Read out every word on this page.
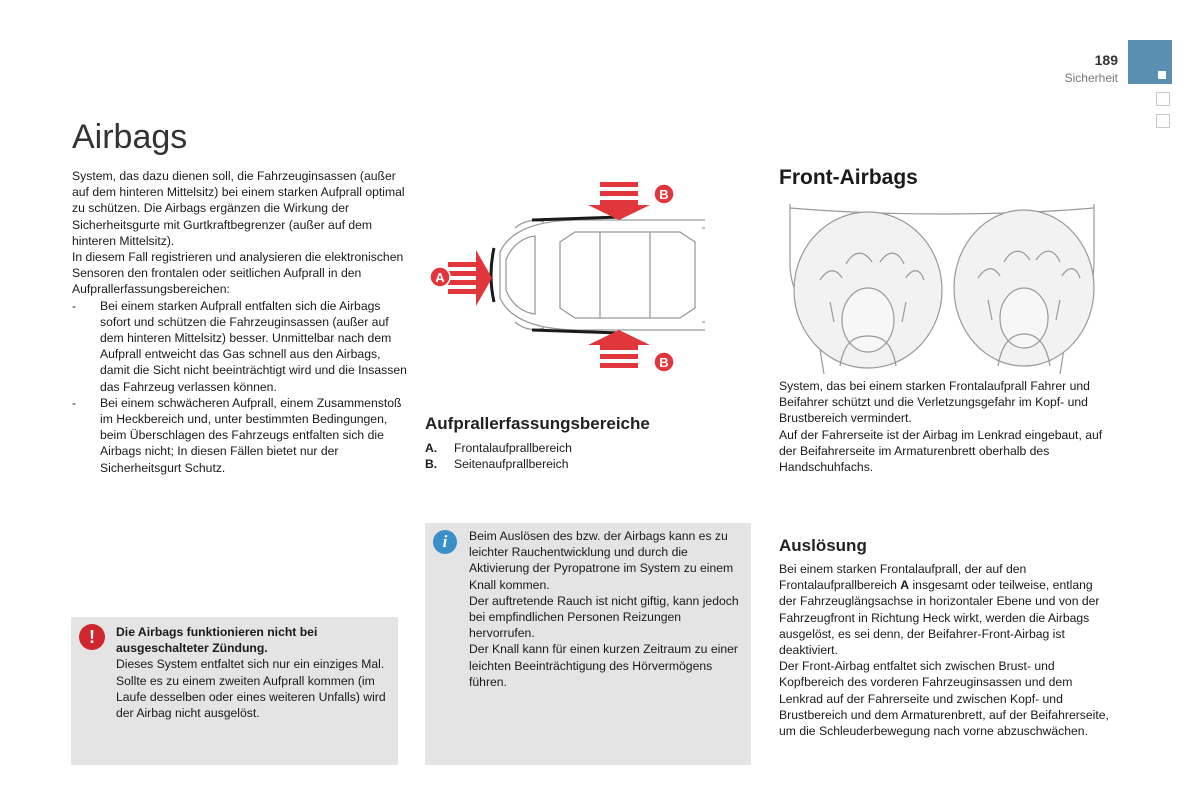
189
Sicherheit
Airbags
System, das dazu dienen soll, die Fahrzeuginsassen (außer auf dem hinteren Mittelsitz) bei einem starken Aufprall optimal zu schützen. Die Airbags ergänzen die Wirkung der Sicherheitsgurte mit Gurtkraftbegrenzer (außer auf dem hinteren Mittelsitz).
In diesem Fall registrieren und analysieren die elektronischen Sensoren den frontalen oder seitlichen Aufprall in den Aufprallerfassungsbereichen:
- Bei einem starken Aufprall entfalten sich die Airbags sofort und schützen die Fahrzeuginsassen (außer auf dem hinteren Mittelsitz) besser. Unmittelbar nach dem Aufprall entweicht das Gas schnell aus den Airbags, damit die Sicht nicht beeinträchtigt wird und die Insassen das Fahrzeug verlassen können.
- Bei einem schwächeren Aufprall, einem Zusammenstoß im Heckbereich und, unter bestimmten Bedingungen, beim Überschlagen des Fahrzeugs entfalten sich die Airbags nicht; In diesen Fällen bietet nur der Sicherheitsgurt Schutz.
!	Die Airbags funktionieren nicht bei ausgeschalteter Zündung.
Dieses System entfaltet sich nur ein einziges Mal. Sollte es zu einem zweiten Aufprall kommen (im Laufe desselben oder eines weiteren Unfalls) wird der Airbag nicht ausgelöst.
A
B
B
Aufprallerfassungsbereiche
A. Frontalaufprallbereich
B. Seitenaufprallbereich
i	Beim Auslösen des bzw. der Airbags kann es zu leichter Rauchentwicklung und durch die Aktivierung der Pyropatrone im System zu einem Knall kommen.
Der auftretende Rauch ist nicht giftig, kann jedoch bei empfindlichen Personen Reizungen hervorrufen.
Der Knall kann für einen kurzen Zeitraum zu einer leichten Beeinträchtigung des Hörvermögens führen.
Front-Airbags
System, das bei einem starken Frontalaufprall Fahrer und Beifahrer schützt und die Verletzungsgefahr im Kopf- und Brustbereich vermindert.
Auf der Fahrerseite ist der Airbag im Lenkrad eingebaut, auf der Beifahrerseite im Armaturenbrett oberhalb des Handschuhfachs.
Auslösung
Bei einem starken Frontalaufprall, der auf den Frontalaufprallbereich A insgesamt oder teilweise, entlang der Fahrzeuglängsachse in horizontaler Ebene und von der Fahrzeugfront in Richtung Heck wirkt, werden die Airbags ausgelöst, es sei denn, der Beifahrer-Front-Airbag ist deaktiviert.
Der Front-Airbag entfaltet sich zwischen Brust- und Kopfbereich des vorderen Fahrzeuginsassen und dem Lenkrad auf der Fahrerseite und zwischen Kopf- und Brustbereich und dem Armaturenbrett, auf der Beifahrerseite, um die Schleuderbewegung nach vorne abzuschwächen.
